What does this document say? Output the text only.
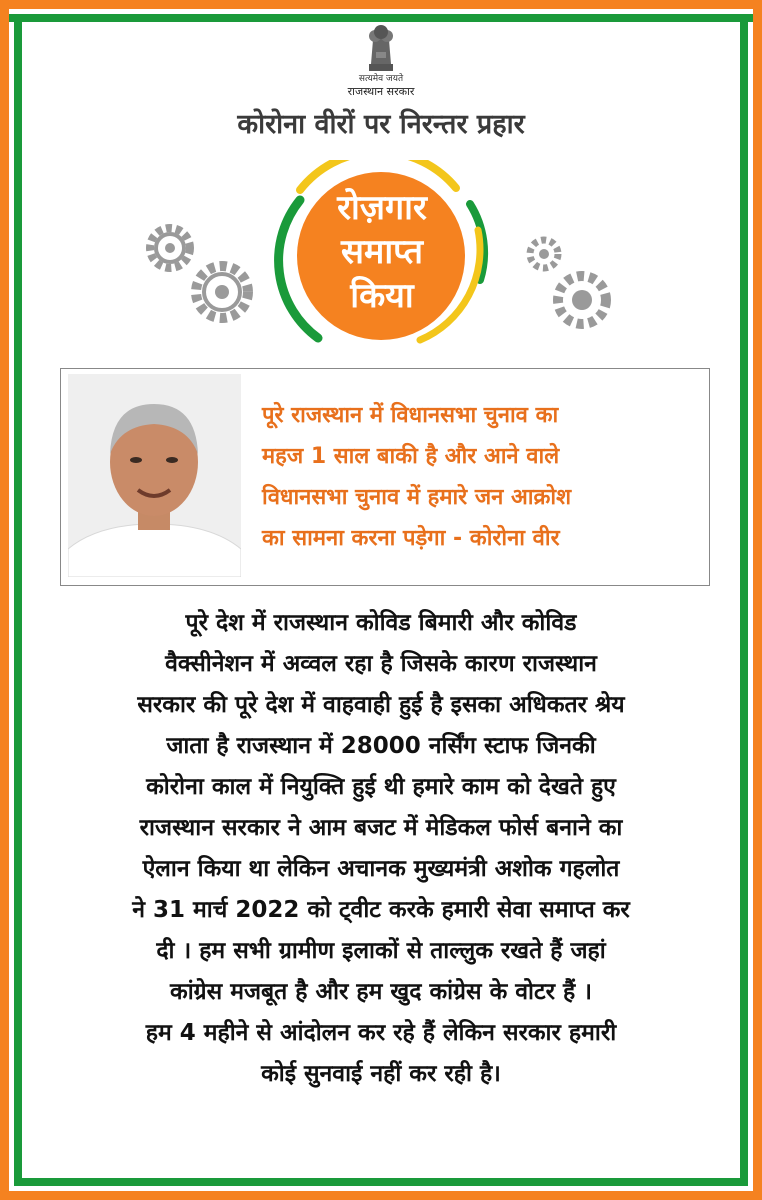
सत्यमेव जयते
राजस्थान सरकार
कोरोना वीरों पर निरन्तर प्रहार
रोज़गार
समाप्त
किया
पूरे राजस्थान में विधानसभा चुनाव का
महज 1 साल बाकी है और आने वाले
विधानसभा चुनाव में हमारे जन आक्रोश
का सामना करना पड़ेगा - कोरोना वीर
पूरे देश में राजस्थान कोविड बिमारी और कोविड
वैक्सीनेशन में अव्वल रहा है जिसके कारण राजस्थान
सरकार की पूरे देश में वाहवाही हुई है इसका अधिकतर श्रेय
जाता है राजस्थान में 28000 नर्सिंग स्टाफ जिनकी
कोरोना काल में नियुक्ति हुई थी हमारे काम को देखते हुए
राजस्थान सरकार ने आम बजट में मेडिकल फोर्स बनाने का
ऐलान किया था लेकिन अचानक मुख्यमंत्री अशोक गहलोत
ने 31 मार्च 2022 को ट्वीट करके हमारी सेवा समाप्त कर
दी । हम सभी ग्रामीण इलाकों से ताल्लुक रखते हैं जहां
कांग्रेस मजबूत है और हम खुद कांग्रेस के वोटर हैं ।
हम 4 महीने से आंदोलन कर रहे हैं लेकिन सरकार हमारी
कोई सुनवाई नहीं कर रही है।
